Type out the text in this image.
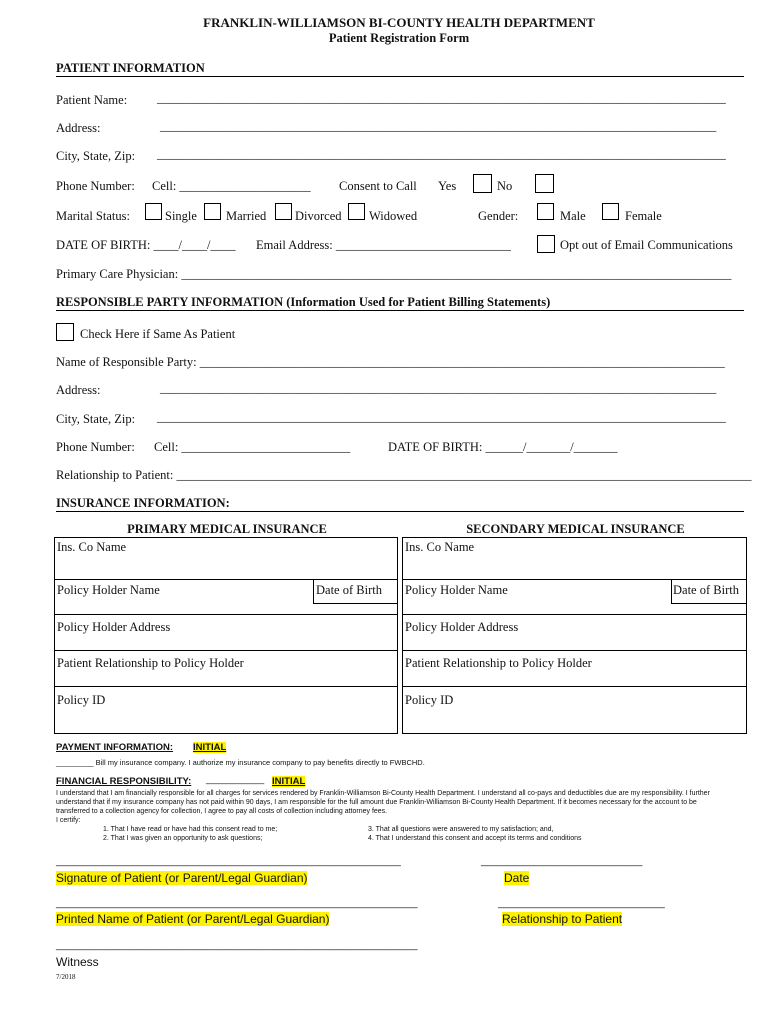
FRANKLIN-WILLIAMSON BI-COUNTY HEALTH DEPARTMENT
Patient Registration Form
PATIENT INFORMATION
Patient Name: ___________________________________________________________________________________________
Address:	_________________________________________________________________________________________
City, State, Zip: ___________________________________________________________________________________________
Phone Number: Cell: _____________________ Consent to Call Yes	No
Marital Status:	Single Married Divorced Widowed	Gender:	Male	Female
DATE OF BIRTH: ____/____/____ Email Address: ____________________________	Opt out of Email Communications
Primary Care Physician: ________________________________________________________________________________________
RESPONSIBLE PARTY INFORMATION (Information Used for Patient Billing Statements)
Check Here if Same As Patient
Name of Responsible Party: ____________________________________________________________________________________
Address:	_________________________________________________________________________________________
City, State, Zip: ___________________________________________________________________________________________
Phone Number: Cell: ___________________________	DATE OF BIRTH: ______/_______/_______
Relationship to Patient: ____________________________________________________________________________________________
INSURANCE INFORMATION:
PRIMARY MEDICAL INSURANCE	SECONDARY MEDICAL INSURANCE
Ins. Co Name
Policy Holder Name	Date of Birth
Policy Holder Address
Patient Relationship to Policy Holder
Policy ID
Ins. Co Name
Policy Holder Name	Date of Birth
Policy Holder Address
Patient Relationship to Policy Holder
Policy ID
PAYMENT INFORMATION: INITIAL
_________ Bill my insurance company. I authorize my insurance company to pay benefits directly to FWBCHD.
FINANCIAL RESPONSIBILITY: ___________ INITIAL
I understand that I am financially responsible for all charges for services rendered by Franklin-Williamson Bi-County Health Department. I understand all co-pays and deductibles due are my responsibility. I further understand that if my insurance company has not paid within 90 days, I am responsible for the full amount due Franklin-Williamson Bi-County Health Department. If it becomes necessary for the account to be transferred to a collection agency for collection, I agree to pay all costs of collection including attorney fees.
I certify:
1. That I have read or have had this consent read to me;
2. That I was given an opportunity to ask questions;
3. That all questions were answered to my satisfaction; and,
4. That I understand this consent and accept its terms and conditions
______________________________________________________________	_____________________________
Signature of Patient (or Parent/Legal Guardian)	Date
_________________________________________________________________	______________________________
Printed Name of Patient (or Parent/Legal Guardian)	Relationship to Patient
_________________________________________________________________
Witness
7/2018
